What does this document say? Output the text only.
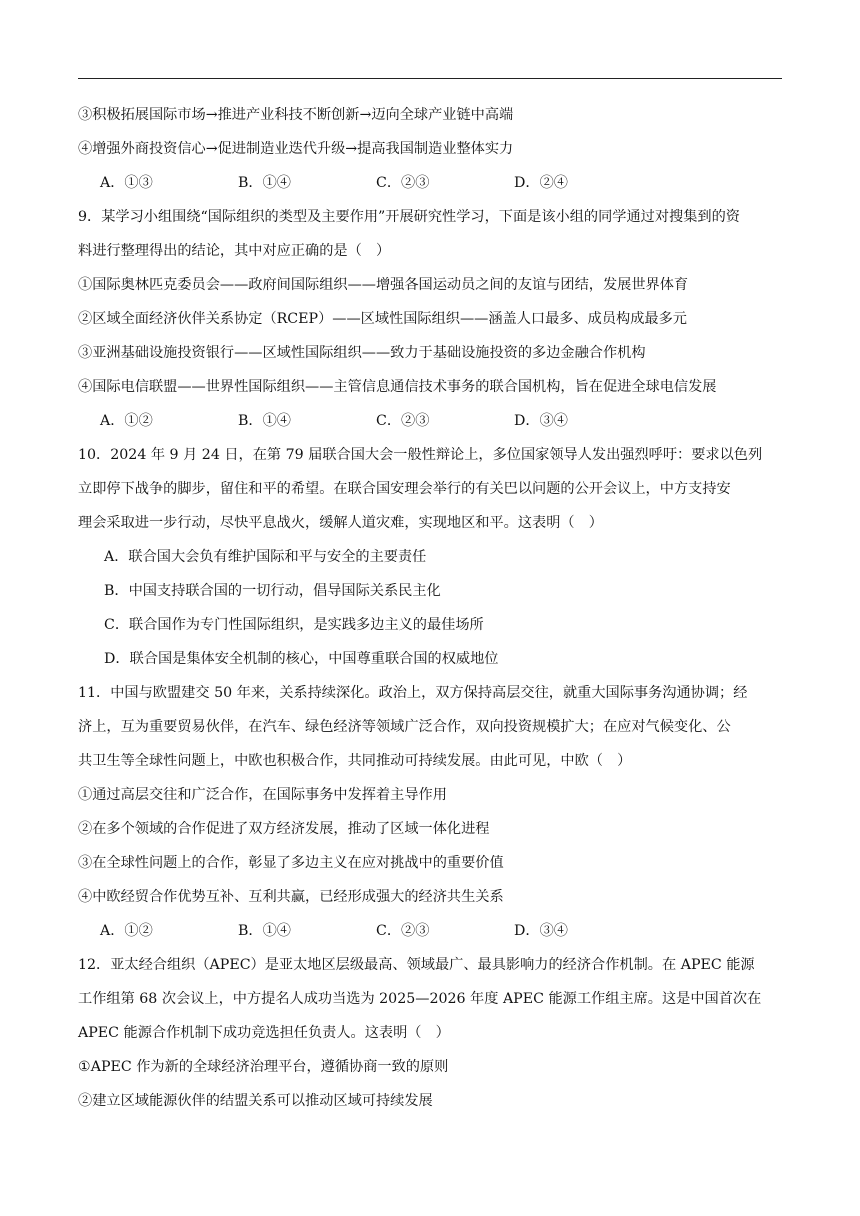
③积极拓展国际市场→推进产业科技不断创新→迈向全球产业链中高端
④增强外商投资信心→促进制造业迭代升级→提高我国制造业整体实力
A．①③	B．①④	C．②③	D．②④
9．某学习小组围绕“国际组织的类型及主要作用”开展研究性学习，下面是该小组的同学通过对搜集到的资
料进行整理得出的结论，其中对应正确的是（　）
①国际奥林匹克委员会——政府间国际组织——增强各国运动员之间的友谊与团结，发展世界体育
②区域全面经济伙伴关系协定（RCEP）——区域性国际组织——涵盖人口最多、成员构成最多元
③亚洲基础设施投资银行——区域性国际组织——致力于基础设施投资的多边金融合作机构
④国际电信联盟——世界性国际组织——主管信息通信技术事务的联合国机构，旨在促进全球电信发展
A．①②	B．①④	C．②③	D．③④
10．2024 年 9 月 24 日，在第 79 届联合国大会一般性辩论上，多位国家领导人发出强烈呼吁：要求以色列
立即停下战争的脚步，留住和平的希望。在联合国安理会举行的有关巴以问题的公开会议上，中方支持安
理会采取进一步行动，尽快平息战火，缓解人道灾难，实现地区和平。这表明（　）
A．联合国大会负有维护国际和平与安全的主要责任
B．中国支持联合国的一切行动，倡导国际关系民主化
C．联合国作为专门性国际组织，是实践多边主义的最佳场所
D．联合国是集体安全机制的核心，中国尊重联合国的权威地位
11．中国与欧盟建交 50 年来，关系持续深化。政治上，双方保持高层交往，就重大国际事务沟通协调；经
济上，互为重要贸易伙伴，在汽车、绿色经济等领域广泛合作，双向投资规模扩大；在应对气候变化、公
共卫生等全球性问题上，中欧也积极合作，共同推动可持续发展。由此可见，中欧（　）
①通过高层交往和广泛合作，在国际事务中发挥着主导作用
②在多个领域的合作促进了双方经济发展，推动了区域一体化进程
③在全球性问题上的合作，彰显了多边主义在应对挑战中的重要价值
④中欧经贸合作优势互补、互利共赢，已经形成强大的经济共生关系
A．①②	B．①④	C．②③	D．③④
12．亚太经合组织（APEC）是亚太地区层级最高、领域最广、最具影响力的经济合作机制。在 APEC 能源
工作组第 68 次会议上，中方提名人成功当选为 2025—2026 年度 APEC 能源工作组主席。这是中国首次在
APEC 能源合作机制下成功竞选担任负责人。这表明（　）
①APEC 作为新的全球经济治理平台，遵循协商一致的原则
②建立区域能源伙伴的结盟关系可以推动区域可持续发展
